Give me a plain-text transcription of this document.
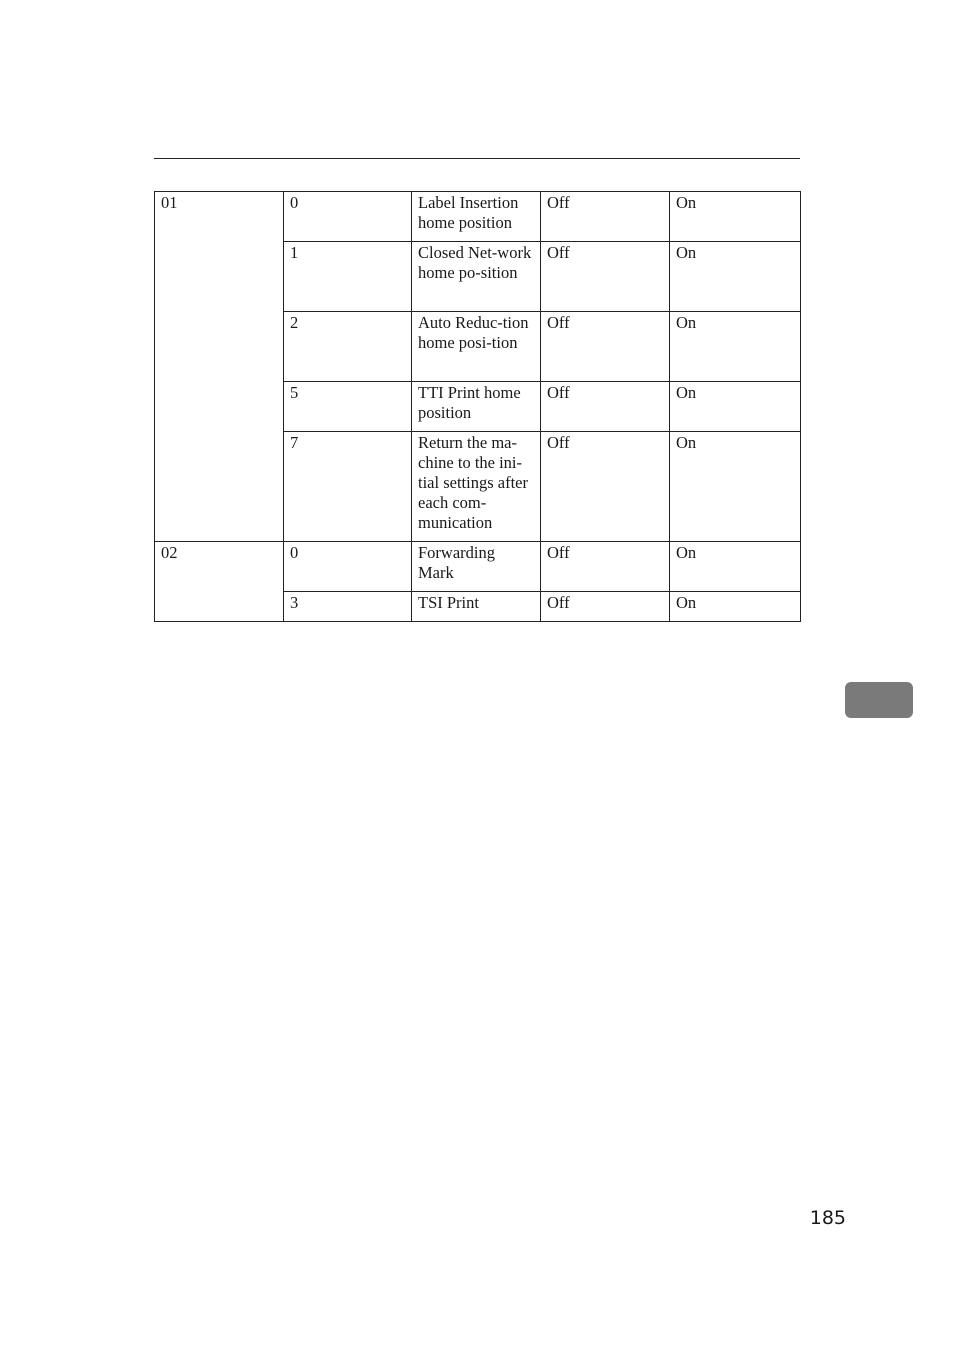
01	0	Label Insertion home position	Off	On
	1	Closed Net-work home po-sition	Off	On
	2	Auto Reduc-tion home posi-tion	Off	On
	5	TTI Print home position	Off	On
	7	Return the ma-chine to the ini-tial settings after each com-munication	Off	On
02	0	Forwarding Mark	Off	On
	3	TSI Print	Off	On
185
